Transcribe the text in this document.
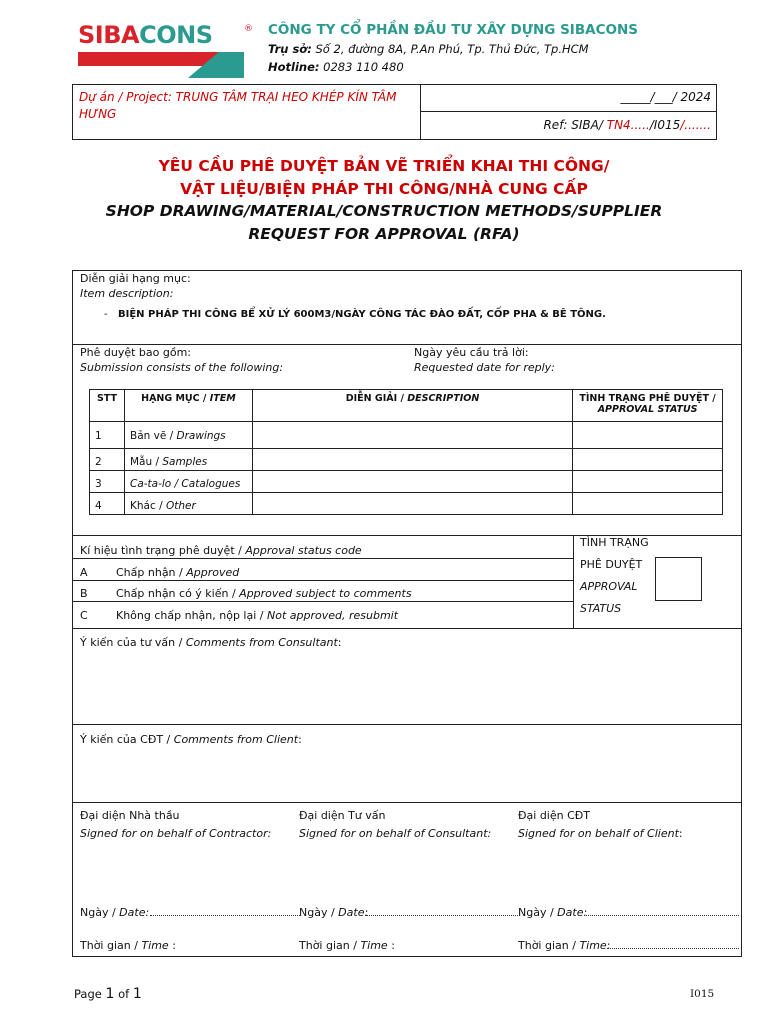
SIBACONS	® CÔNG TY CỔ PHẦN ĐẦU TƯ XÂY DỰNG SIBACONS
Trụ sở: Số 2, đường 8A, P.An Phú, Tp. Thủ Đức, Tp.HCM
Hotline: 0283 110 480
Dự án / Project: TRUNG TÂM TRẠI HEO KHÉP KÍN TÂM HƯNG
_____/___/ 2024
Ref: SIBA/ TN4...../I015/.......
YÊU CẦU PHÊ DUYỆT BẢN VẼ TRIỂN KHAI THI CÔNG/
VẬT LIỆU/BIỆN PHÁP THI CÔNG/NHÀ CUNG CẤP
SHOP DRAWING/MATERIAL/CONSTRUCTION METHODS/SUPPLIER
REQUEST FOR APPROVAL (RFA)
Diễn giải hạng mục:
Item description:
- BIỆN PHÁP THI CÔNG BỂ XỬ LÝ 600M3/NGÀY CÔNG TÁC ĐÀO ĐẤT, CỐP PHA & BÊ TÔNG.
Phê duyệt bao gồm:
Submission consists of the following:
Ngày yêu cầu trả lời:
Requested date for reply:
STT	HẠNG MỤC / ITEM	DIỄN GIẢI / DESCRIPTION	TÌNH TRẠNG PHÊ DUYỆT /
APPROVAL STATUS
1	Bản vẽ / Drawings		
2	Mẫu / Samples		
3	Ca-ta-lo / Catalogues		
4	Khác / Other		
Kí hiệu tình trạng phê duyệt / Approval status code
A	Chấp nhận / Approved
B	Chấp nhận có ý kiến / Approved subject to comments
C	Không chấp nhận, nộp lại / Not approved, resubmit
TÌNH TRẠNG
PHÊ DUYỆT
APPROVAL
STATUS
Ý kiến của tư vấn / Comments from Consultant:
Ý kiến của CĐT / Comments from Client:
Đại diện Nhà thầu
Signed for on behalf of Contractor:
Đại diện Tư vấn
Signed for on behalf of Consultant:
Đại diện CĐT
Signed for on behalf of Client:
Ngày / Date:	Ngày / Date:	Ngày / Date:
Thời gian / Time :	Thời gian / Time :	Thời gian / Time:
Page 1 of 1	I015
